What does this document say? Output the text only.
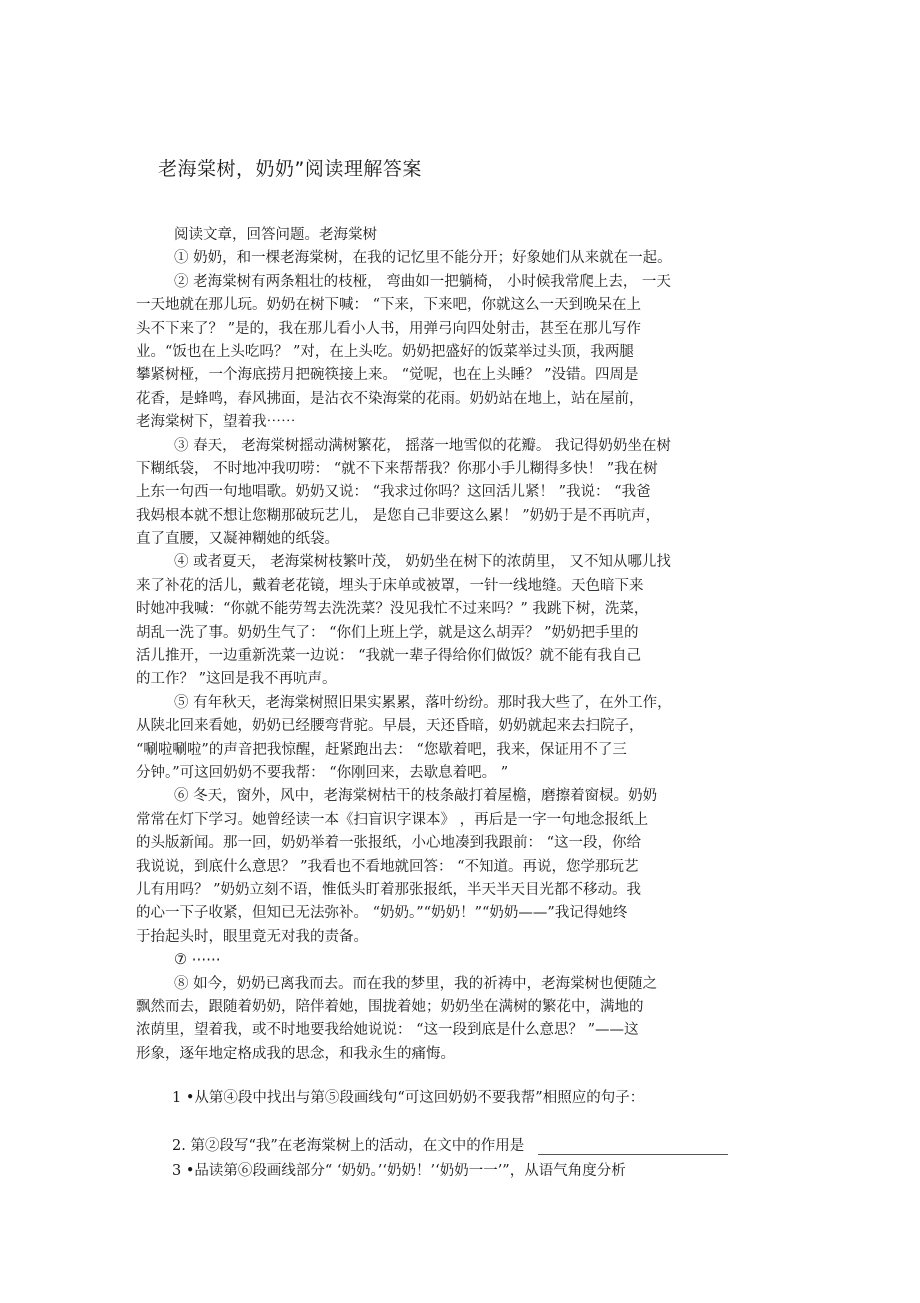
老海棠树，奶奶”阅读理解答案
阅读文章，回答问题。老海棠树
① 奶奶，和一棵老海棠树，在我的记忆里不能分开；好象她们从来就在一起。
② 老海棠树有两条粗壮的枝桠， 弯曲如一把躺椅， 小时候我常爬上去， 一天
一天地就在那儿玩。奶奶在树下喊： “下来，下来吧，你就这么一天到晚呆在上
头不下来了？ ”是的，我在那儿看小人书，用弹弓向四处射击，甚至在那儿写作
业。“饭也在上头吃吗？ ”对，在上头吃。奶奶把盛好的饭菜举过头顶，我两腿
攀紧树桠，一个海底捞月把碗筷接上来。 “觉呢，也在上头睡？ ”没错。四周是
花香，是蜂鸣，春风拂面，是沾衣不染海棠的花雨。奶奶站在地上，站在屋前，
老海棠树下，望着我⋯⋯
③ 春天， 老海棠树摇动满树繁花， 摇落一地雪似的花瓣。 我记得奶奶坐在树
下糊纸袋， 不时地冲我叨唠： “就不下来帮帮我？你那小手儿糊得多快！ ”我在树
上东一句西一句地唱歌。奶奶又说： “我求过你吗？这回活儿紧！ ”我说： “我爸
我妈根本就不想让您糊那破玩艺儿， 是您自己非要这么累！ ”奶奶于是不再吭声，
直了直腰，又凝神糊她的纸袋。
④ 或者夏天， 老海棠树枝繁叶茂， 奶奶坐在树下的浓荫里， 又不知从哪儿找
来了补花的活儿，戴着老花镜，埋头于床单或被罩，一针一线地缝。天色暗下来
时她冲我喊：“你就不能劳驾去洗洗菜？没见我忙不过来吗？” 我跳下树，洗菜，
胡乱一洗了事。奶奶生气了： “你们上班上学，就是这么胡弄？ ”奶奶把手里的
活儿推开，一边重新洗菜一边说： “我就一辈子得给你们做饭？就不能有我自己
的工作？ ”这回是我不再吭声。
⑤ 有年秋天，老海棠树照旧果实累累，落叶纷纷。那时我大些了，在外工作，
从陕北回来看她，奶奶已经腰弯背驼。早晨，天还昏暗，奶奶就起来去扫院子，
“唰啦唰啦”的声音把我惊醒，赶紧跑出去： “您歇着吧，我来，保证用不了三
分钟。”可这回奶奶不要我帮： “你刚回来，去歇息着吧。 ”
⑥ 冬天，窗外，风中，老海棠树枯干的枝条敲打着屋檐，磨擦着窗棂。奶奶
常常在灯下学习。她曾经读一本《扫盲识字课本》 ，再后是一字一句地念报纸上
的头版新闻。那一回，奶奶举着一张报纸，小心地凑到我跟前： “这一段，你给
我说说，到底什么意思？ ”我看也不看地就回答： “不知道。再说，您学那玩艺
儿有用吗？ ”奶奶立刻不语，惟低头盯着那张报纸，半天半天目光都不移动。我
的心一下子收紧，但知已无法弥补。 “奶奶。”“奶奶！”“奶奶——”我记得她终
于抬起头时，眼里竟无对我的责备。
⑦ ⋯⋯
⑧ 如今，奶奶已离我而去。而在我的梦里，我的祈祷中，老海棠树也便随之
飘然而去，跟随着奶奶，陪伴着她，围拢着她；奶奶坐在满树的繁花中，满地的
浓荫里，望着我，或不时地要我给她说说： “这一段到底是什么意思？ ”——这
形象，逐年地定格成我的思念，和我永生的痛悔。
1 •从第④段中找出与第⑤段画线句“可这回奶奶不要我帮”相照应的句子：
2. 第②段写“我”在老海棠树上的活动，在文中的作用是
3 •品读第⑥段画线部分“ ‘奶奶。’‘奶奶！’‘奶奶一一’”，从语气角度分析
